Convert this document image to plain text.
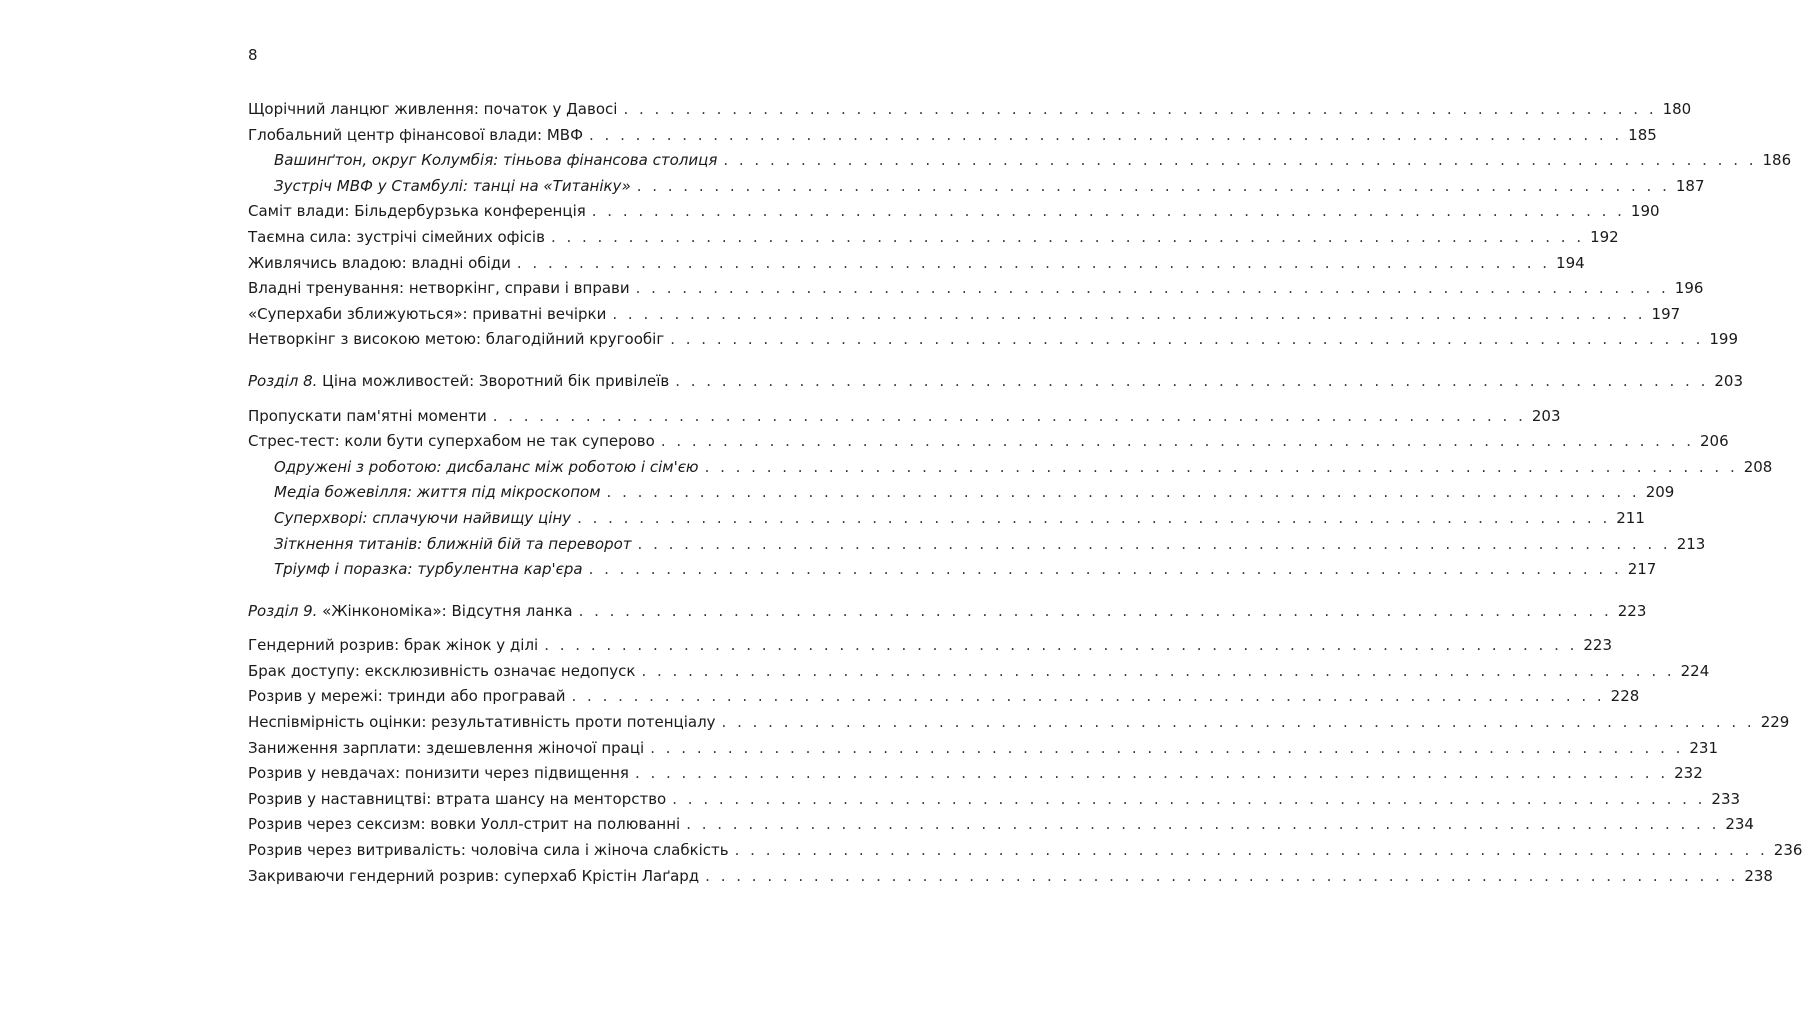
8
Щорічний ланцюг живлення: початок у Давосі . . .	180
Глобальний центр фінансової влади: МВФ . . .	185
Вашинґтон, округ Колумбія: тіньова фінансова столиця . . .	186
Зустріч МВФ у Стамбулі: танці на «Титаніку» . . .	187
Саміт влади: Більдербурзька конференція . . .	190
Таємна сила: зустрічі сімейних офісів . . .	192
Живлячись владою: владні обіди . . .	194
Владні тренування: нетворкінг, справи і вправи . . .	196
«Суперхаби зближуються»: приватні вечірки . . .	197
Нетворкінг з високою метою: благодійний кругообіг . . .	199
Розділ 8. Ціна можливостей: Зворотний бік привілеїв . . .	203
Пропускати пам'ятні моменти . . .	203
Стрес-тест: коли бути суперхабом не так суперово . . .	206
Одружені з роботою: дисбаланс між роботою і сім'єю . . .	208
Медіа божевілля: життя під мікроскопом . . .	209
Суперхворі: сплачуючи найвищу ціну . . .	211
Зіткнення титанів: ближній бій та переворот . . .	213
Тріумф і поразка: турбулентна кар'єра . . .	217
Розділ 9. «Жінкономіка»: Відсутня ланка . . .	223
Гендерний розрив: брак жінок у ділі . . .	223
Брак доступу: ексклюзивність означає недопуск . . .	224
Розрив у мережі: тринди або програвай . . .	228
Неспівмірність оцінки: результативність проти потенціалу . . .	229
Заниження зарплати: здешевлення жіночої праці . . .	231
Розрив у невдачах: понизити через підвищення . . .	232
Розрив у наставництві: втрата шансу на менторство . . .	233
Розрив через сексизм: вовки Уолл-стрит на полюванні . . .	234
Розрив через витривалість: чоловіча сила і жіноча слабкість . . .	236
Закриваючи гендерний розрив: суперхаб Крістін Лаґард . . .	238
